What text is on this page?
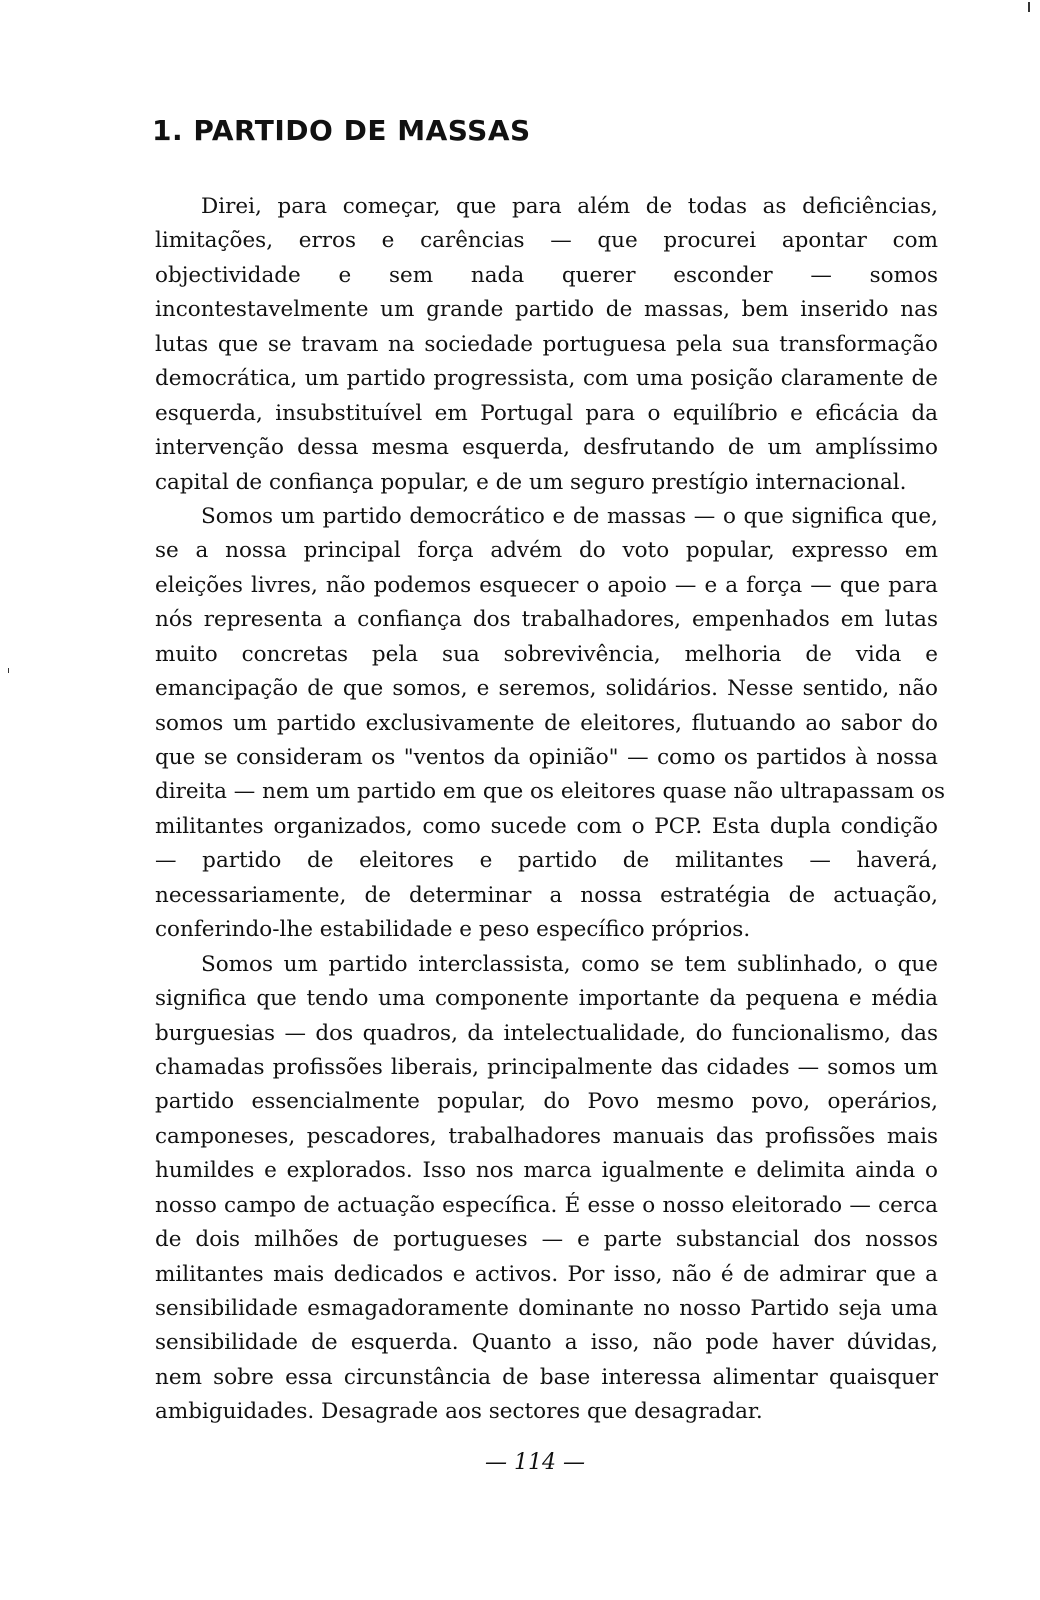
1. PARTIDO DE MASSAS
Direi, para começar, que para além de todas as deficiências,
limitações, erros e carências — que procurei apontar com
objectividade e sem nada querer esconder — somos
incontestavelmente um grande partido de massas, bem inserido nas
lutas que se travam na sociedade portuguesa pela sua transformação
democrática, um partido progressista, com uma posição claramente de
esquerda, insubstituível em Portugal para o equilíbrio e eficácia da
intervenção dessa mesma esquerda, desfrutando de um amplíssimo
capital de confiança popular, e de um seguro prestígio internacional.
Somos um partido democrático e de massas — o que significa que,
se a nossa principal força advém do voto popular, expresso em
eleições livres, não podemos esquecer o apoio — e a força — que para
nós representa a confiança dos trabalhadores, empenhados em lutas
muito concretas pela sua sobrevivência, melhoria de vida e
emancipação de que somos, e seremos, solidários. Nesse sentido, não
somos um partido exclusivamente de eleitores, flutuando ao sabor do
que se consideram os "ventos da opinião" — como os partidos à nossa
direita — nem um partido em que os eleitores quase não ultrapassam os
militantes organizados, como sucede com o PCP. Esta dupla condição
— partido de eleitores e partido de militantes — haverá,
necessariamente, de determinar a nossa estratégia de actuação,
conferindo-lhe estabilidade e peso específico próprios.
Somos um partido interclassista, como se tem sublinhado, o que
significa que tendo uma componente importante da pequena e média
burguesias — dos quadros, da intelectualidade, do funcionalismo, das
chamadas profissões liberais, principalmente das cidades — somos um
partido essencialmente popular, do Povo mesmo povo, operários,
camponeses, pescadores, trabalhadores manuais das profissões mais
humildes e explorados. Isso nos marca igualmente e delimita ainda o
nosso campo de actuação específica. É esse o nosso eleitorado — cerca
de dois milhões de portugueses — e parte substancial dos nossos
militantes mais dedicados e activos. Por isso, não é de admirar que a
sensibilidade esmagadoramente dominante no nosso Partido seja uma
sensibilidade de esquerda. Quanto a isso, não pode haver dúvidas,
nem sobre essa circunstância de base interessa alimentar quaisquer
ambiguidades. Desagrade aos sectores que desagradar.
— 114 —
